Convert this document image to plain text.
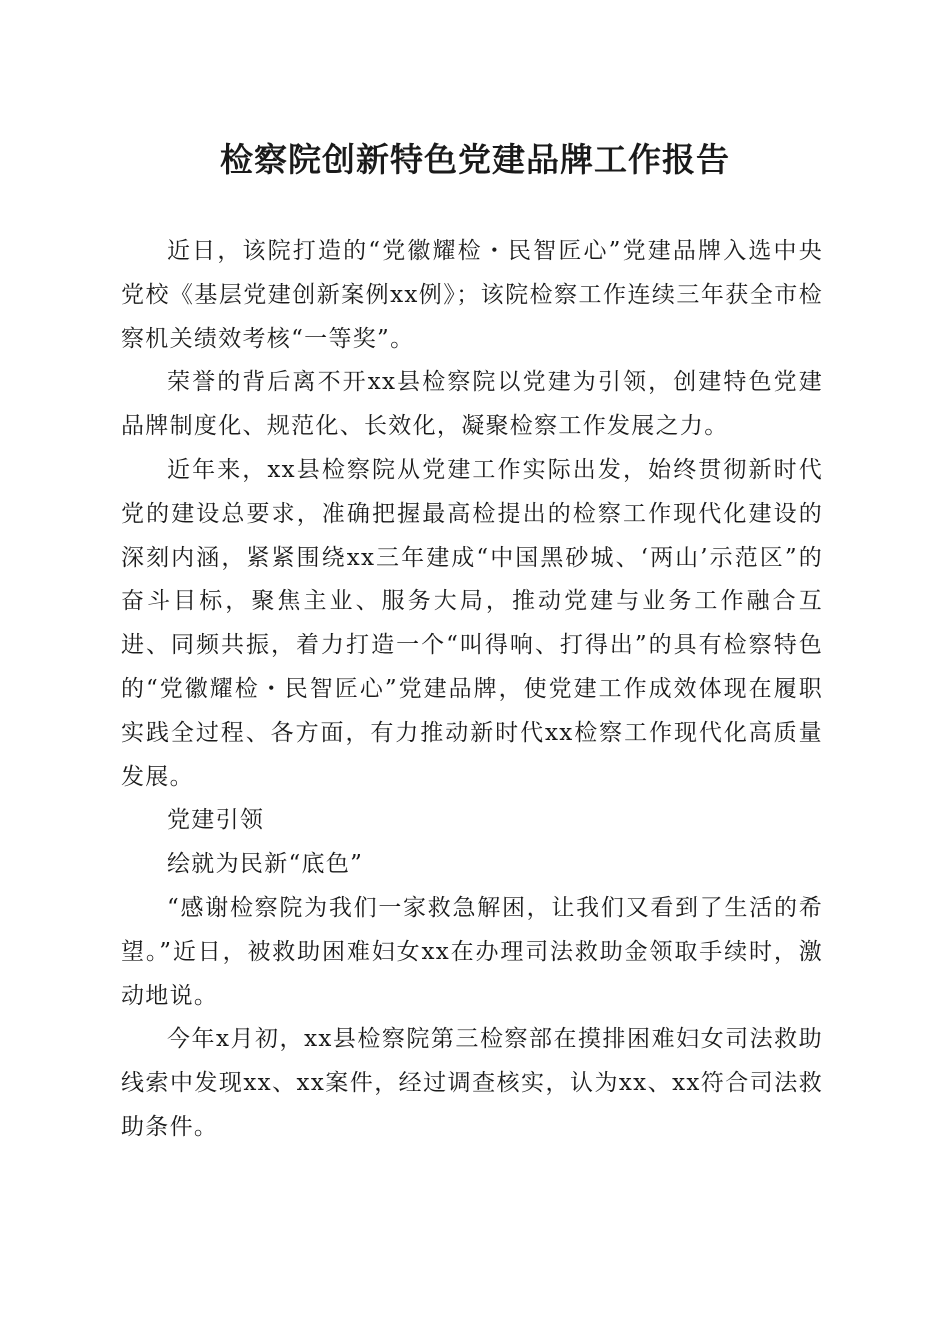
检察院创新特色党建品牌工作报告

近日，该院打造的“党徽耀检・民智匠心”党建品牌入选中央党校《基层党建创新案例xx例》；该院检察工作连续三年获全市检察机关绩效考核“一等奖”。

荣誉的背后离不开xx县检察院以党建为引领，创建特色党建品牌制度化、规范化、长效化，凝聚检察工作发展之力。

近年来，xx县检察院从党建工作实际出发，始终贯彻新时代党的建设总要求，准确把握最高检提出的检察工作现代化建设的深刻内涵，紧紧围绕xx三年建成“中国黑砂城、‘两山’示范区”的奋斗目标，聚焦主业、服务大局，推动党建与业务工作融合互进、同频共振，着力打造一个“叫得响、打得出”的具有检察特色的“党徽耀检・民智匠心”党建品牌，使党建工作成效体现在履职实践全过程、各方面，有力推动新时代xx检察工作现代化高质量发展。

党建引领

绘就为民新“底色”

“感谢检察院为我们一家救急解困，让我们又看到了生活的希望。”近日，被救助困难妇女xx在办理司法救助金领取手续时，激动地说。

今年x月初，xx县检察院第三检察部在摸排困难妇女司法救助线索中发现xx、xx案件，经过调查核实，认为xx、xx符合司法救助条件。
